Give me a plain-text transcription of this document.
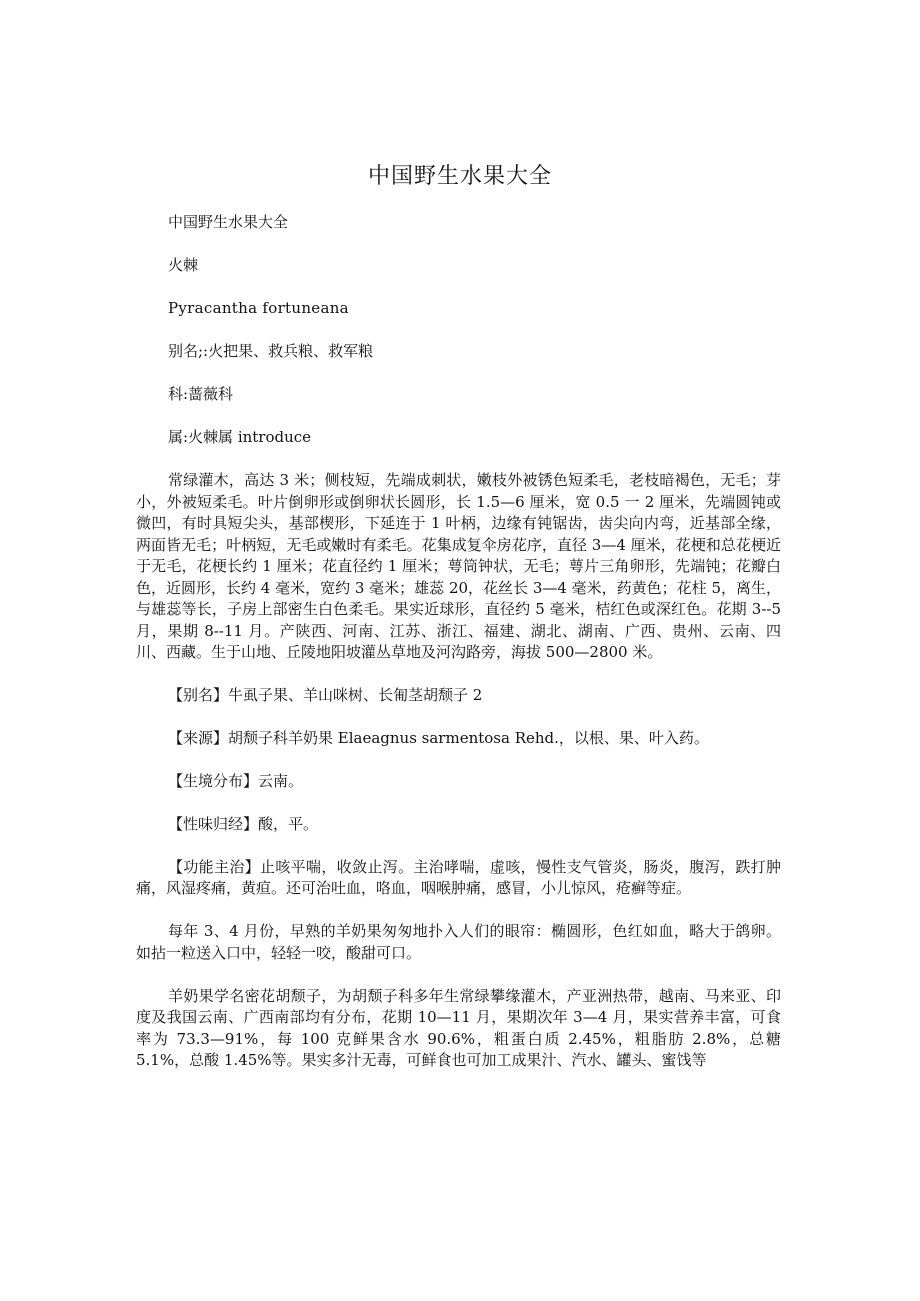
中国野生水果大全

中国野生水果大全

火棘

Pyracantha fortuneana

别名;:火把果、救兵粮、救军粮

科:蔷薇科

属:火棘属 introduce

常绿灌木，高达 3 米；侧枝短，先端成刺状，嫩枝外被锈色短柔毛，老枝暗褐色，无毛；芽小，外被短柔毛。叶片倒卵形或倒卵状长圆形，长 1.5—6 厘米，宽 0.5 一 2 厘米，先端圆钝或微凹，有时具短尖头，基部楔形，下延连于 1 叶柄，边缘有钝锯齿，齿尖向内弯，近基部全缘，两面皆无毛；叶柄短，无毛或嫩时有柔毛。花集成复伞房花序，直径 3—4 厘米，花梗和总花梗近于无毛，花梗长约 1 厘米；花直径约 1 厘米；萼筒钟状，无毛；萼片三角卵形，先端钝；花瓣白色，近圆形，长约 4 毫米，宽约 3 毫米；雄蕊 20，花丝长 3—4 毫米，药黄色；花柱 5，离生，与雄蕊等长，子房上部密生白色柔毛。果实近球形，直径约 5 毫米，桔红色或深红色。花期 3--5 月，果期 8--11 月。产陕西、河南、江苏、浙江、福建、湖北、湖南、广西、贵州、云南、四川、西藏。生于山地、丘陵地阳坡灌丛草地及河沟路旁，海拔 500—2800 米。

【别名】牛虱子果、羊山咪树、长匍茎胡颓子 2

【来源】胡颓子科羊奶果 Elaeagnus sarmentosa Rehd.，以根、果、叶入药。

【生境分布】云南。

【性味归经】酸，平。

【功能主治】止咳平喘，收敛止泻。主治哮喘，虚咳，慢性支气管炎，肠炎，腹泻，跌打肿痛，风湿疼痛，黄疸。还可治吐血，咯血，咽喉肿痛，感冒，小儿惊风，疮癣等症。

每年 3、4 月份，早熟的羊奶果匆匆地扑入人们的眼帘：椭圆形，色红如血，略大于鸽卵。如拈一粒送入口中，轻轻一咬，酸甜可口。

羊奶果学名密花胡颓子，为胡颓子科多年生常绿攀缘灌木，产亚洲热带，越南、马来亚、印度及我国云南、广西南部均有分布，花期 10—11 月，果期次年 3—4 月，果实营养丰富，可食率为 73.3—91%，每 100 克鲜果含水 90.6%，粗蛋白质 2.45%，粗脂肪 2.8%，总糖 5.1%，总酸 1.45%等。果实多汁无毒，可鲜食也可加工成果汁、汽水、罐头、蜜饯等
